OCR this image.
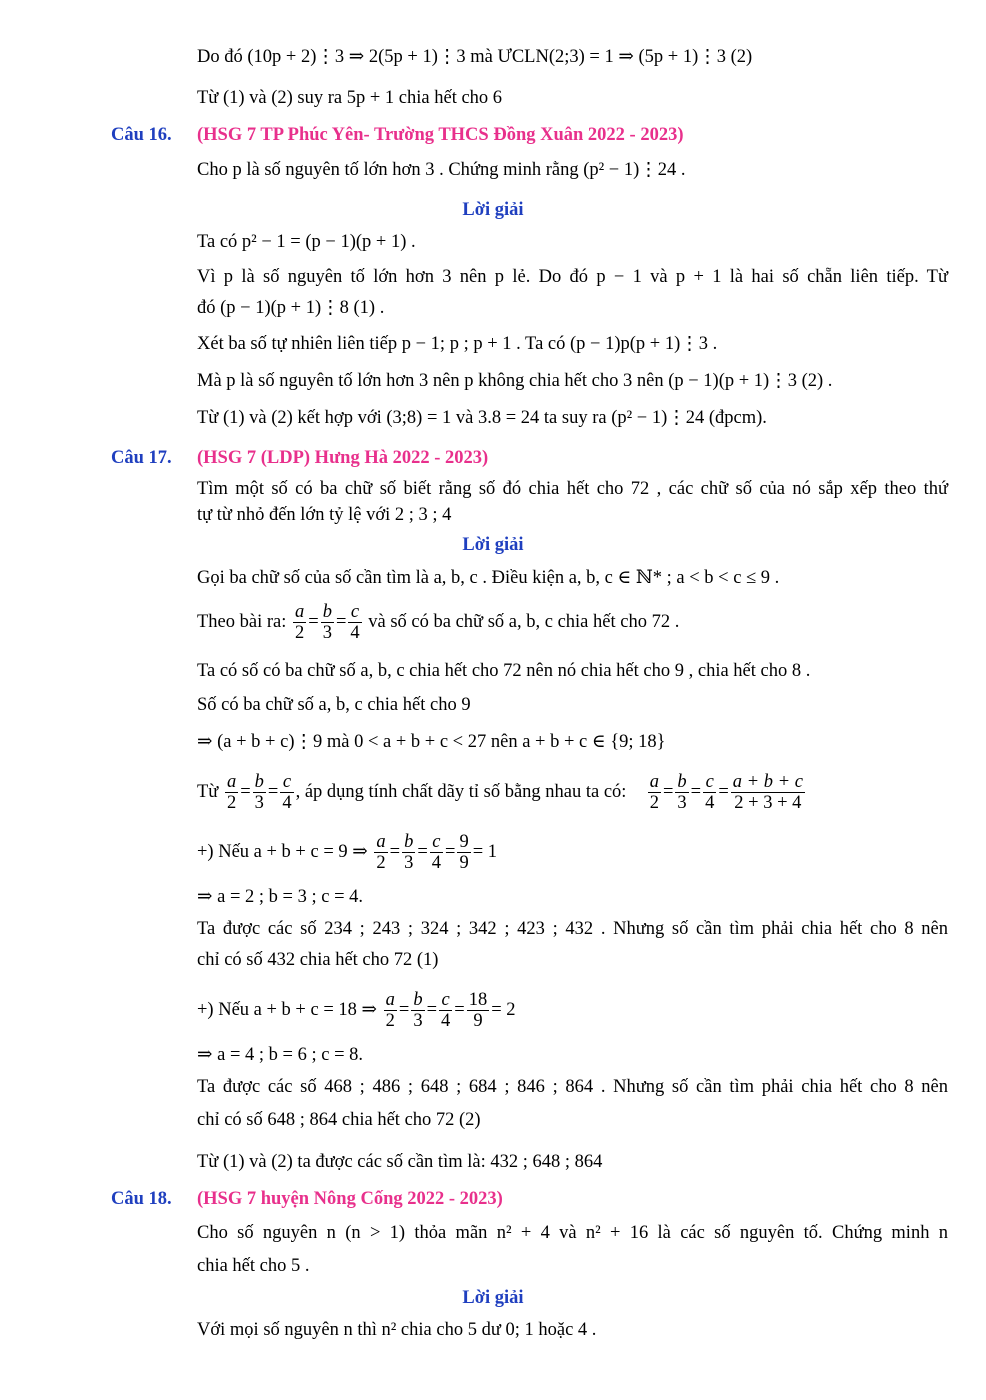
Do đó (10p + 2)⋮3 ⇒ 2(5p + 1)⋮3 mà ƯCLN(2;3) = 1 ⇒ (5p + 1)⋮3 (2)
Từ (1) và (2) suy ra 5p + 1 chia hết cho 6
Câu 16. (HSG 7 TP Phúc Yên- Trường THCS Đồng Xuân 2022 - 2023)
Cho p là số nguyên tố lớn hơn 3 . Chứng minh rằng (p² − 1)⋮24 .
Lời giải
Ta có p² − 1 = (p − 1)(p + 1) .
Vì p là số nguyên tố lớn hơn 3 nên p lẻ. Do đó p − 1 và p + 1 là hai số chẵn liên tiếp. Từ
đó (p − 1)(p + 1)⋮8 (1) .
Xét ba số tự nhiên liên tiếp p − 1; p ; p + 1 . Ta có (p − 1)p(p + 1)⋮3 .
Mà p là số nguyên tố lớn hơn 3 nên p không chia hết cho 3 nên (p − 1)(p + 1)⋮3 (2) .
Từ (1) và (2) kết hợp với (3;8) = 1 và 3.8 = 24 ta suy ra (p² − 1)⋮24 (đpcm).
Câu 17. (HSG 7 (LDP) Hưng Hà 2022 - 2023)
Tìm một số có ba chữ số biết rằng số đó chia hết cho 72 , các chữ số của nó sắp xếp theo thứ
tự từ nhỏ đến lớn tỷ lệ với 2 ; 3 ; 4
Lời giải
Gọi ba chữ số của số cần tìm là a, b, c . Điều kiện a, b, c ∈ ℕ* ; a < b < c ≤ 9 .
Theo bài ra: $\frac{a}{2} = \frac{b}{3} = \frac{c}{4}$ và số có ba chữ số a, b, c chia hết cho 72 .
Ta có số có ba chữ số a, b, c chia hết cho 72 nên nó chia hết cho 9 , chia hết cho 8 .
Số có ba chữ số a, b, c chia hết cho 9
⇒ (a + b + c)⋮9 mà 0 < a + b + c < 27 nên a + b + c ∈ {9; 18}
Từ $\frac{a}{2} = \frac{b}{3} = \frac{c}{4}$ , áp dụng tính chất dãy tỉ số bằng nhau ta có: $\frac{a}{2} = \frac{b}{3} = \frac{c}{4} = \frac{a + b + c}{2 + 3 + 4}$
+) Nếu a + b + c = 9 ⇒ $\frac{a}{2} = \frac{b}{3} = \frac{c}{4} = \frac{9}{9} = 1$
⇒ a = 2 ; b = 3 ; c = 4.
Ta được các số 234 ; 243 ; 324 ; 342 ; 423 ; 432 . Nhưng số cần tìm phải chia hết cho 8 nên
chỉ có số 432 chia hết cho 72 (1)
+) Nếu a + b + c = 18 ⇒ $\frac{a}{2} = \frac{b}{3} = \frac{c}{4} = \frac{18}{9} = 2$
⇒ a = 4 ; b = 6 ; c = 8.
Ta được các số 468 ; 486 ; 648 ; 684 ; 846 ; 864 . Nhưng số cần tìm phải chia hết cho 8 nên
chỉ có số 648 ; 864 chia hết cho 72 (2)
Từ (1) và (2) ta được các số cần tìm là: 432 ; 648 ; 864
Câu 18. (HSG 7 huyện Nông Cống 2022 - 2023)
Cho số nguyên n (n > 1) thỏa mãn n² + 4 và n² + 16 là các số nguyên tố. Chứng minh n
chia hết cho 5 .
Lời giải
Với mọi số nguyên n thì n² chia cho 5 dư 0; 1 hoặc 4 .
